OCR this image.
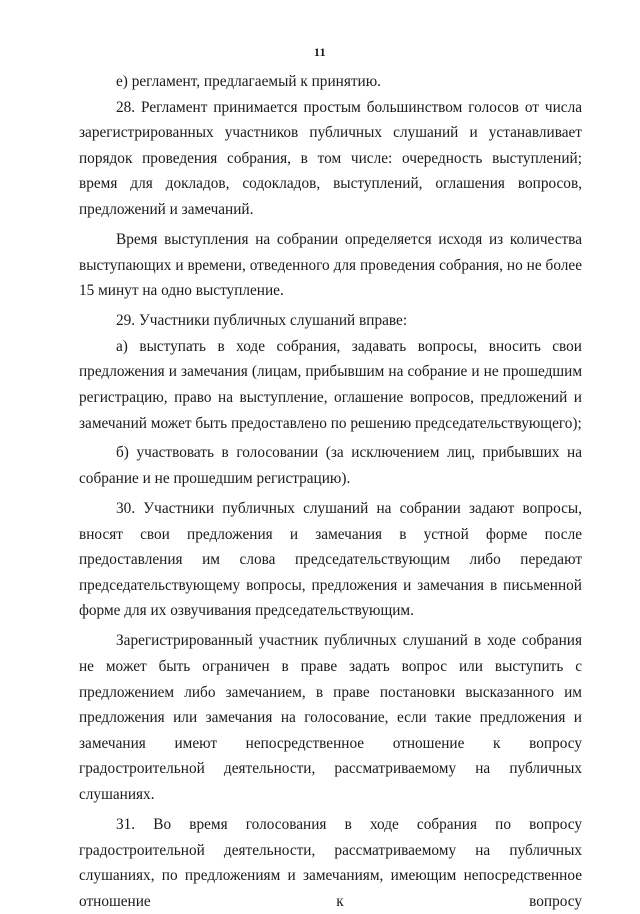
11

е) регламент, предлагаемый к принятию.

28. Регламент принимается простым большинством голосов от числа зарегистрированных участников публичных слушаний и устанавливает порядок проведения собрания, в том числе: очередность выступлений; время для докладов, содокладов, выступлений, оглашения вопросов, предложений и замечаний.

Время выступления на собрании определяется исходя из количества выступающих и времени, отведенного для проведения собрания, но не более 15 минут на одно выступление.

29. Участники публичных слушаний вправе:

а) выступать в ходе собрания, задавать вопросы, вносить свои предложения и замечания (лицам, прибывшим на собрание и не прошедшим регистрацию, право на выступление, оглашение вопросов, предложений и замечаний может быть предоставлено по решению председательствующего);

б) участвовать в голосовании (за исключением лиц, прибывших на собрание и не прошедшим регистрацию).

30. Участники публичных слушаний на собрании задают вопросы, вносят свои предложения и замечания в устной форме после предоставления им слова председательствующим либо передают председательствующему вопросы, предложения и замечания в письменной форме для их озвучивания председательствующим.

Зарегистрированный участник публичных слушаний в ходе собрания не может быть ограничен в праве задать вопрос или выступить с предложением либо замечанием, в праве постановки высказанного им предложения или замечания на голосование, если такие предложения и замечания имеют непосредственное отношение к вопросу градостроительной деятельности, рассматриваемому на публичных слушаниях.

31. Во время голосования в ходе собрания по вопросу градостроительной деятельности, рассматриваемому на публичных слушаниях, по предложениям и замечаниям, имеющим непосредственное отношение к вопросу
